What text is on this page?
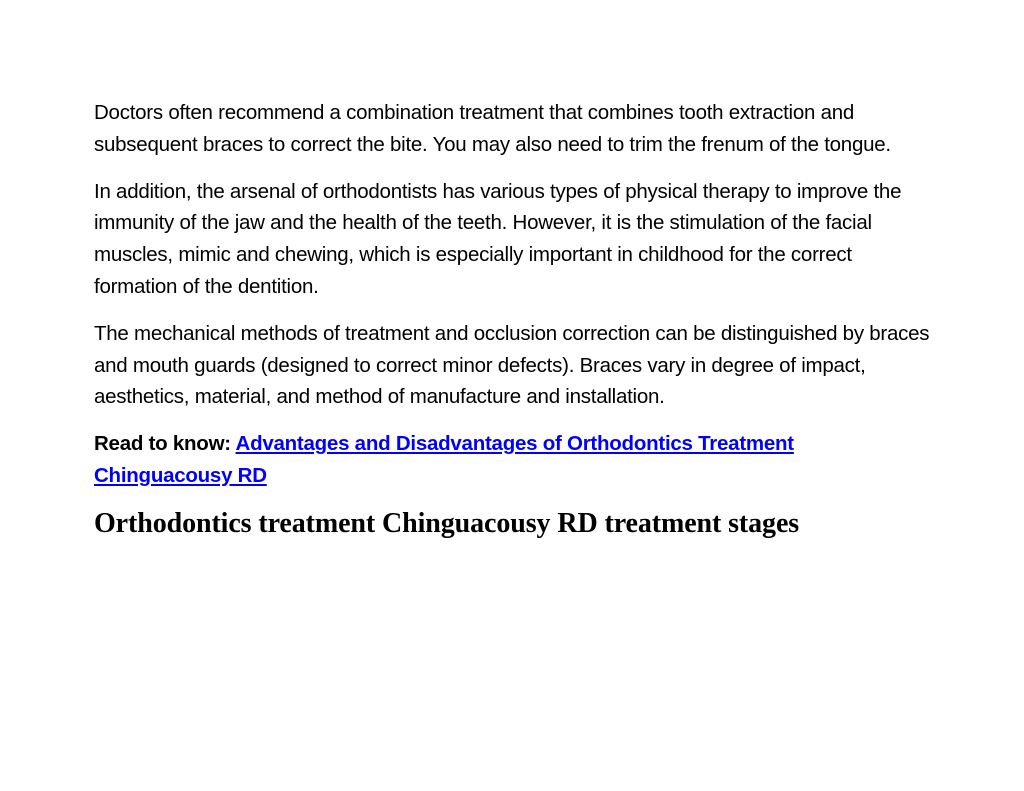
Doctors often recommend a combination treatment that combines tooth extraction and subsequent braces to correct the bite. You may also need to trim the frenum of the tongue.

In addition, the arsenal of orthodontists has various types of physical therapy to improve the immunity of the jaw and the health of the teeth. However, it is the stimulation of the facial muscles, mimic and chewing, which is especially important in childhood for the correct formation of the dentition.

The mechanical methods of treatment and occlusion correction can be distinguished by braces and mouth guards (designed to correct minor defects). Braces vary in degree of impact, aesthetics, material, and method of manufacture and installation.

Read to know: Advantages and Disadvantages of Orthodontics Treatment Chinguacousy RD

Orthodontics treatment Chinguacousy RD treatment stages
